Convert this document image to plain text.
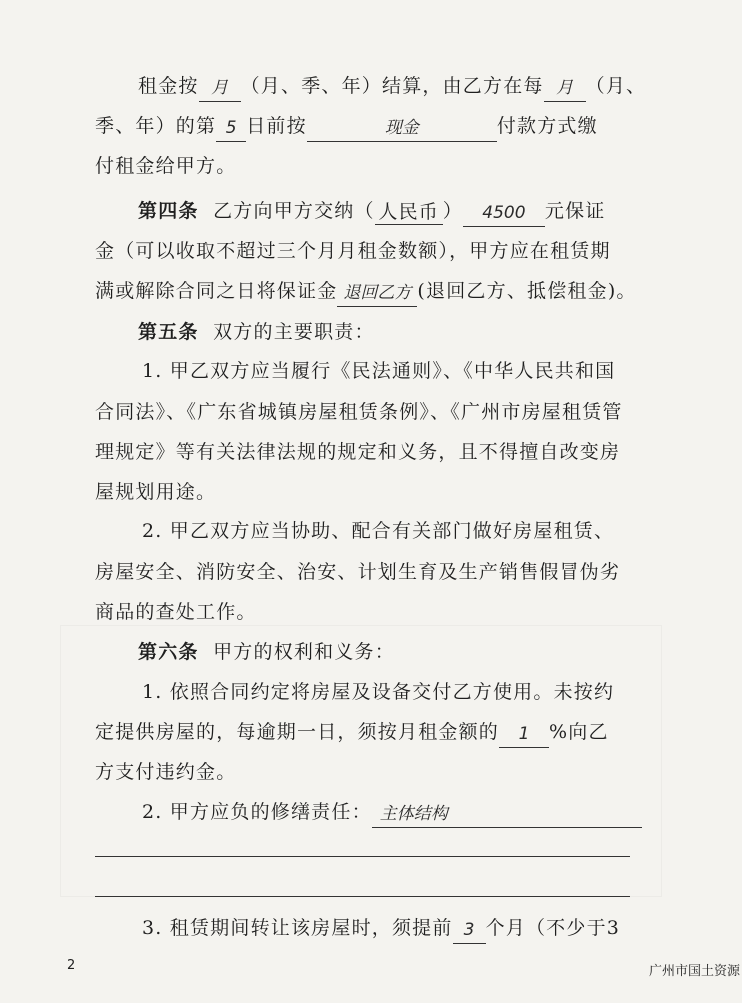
租金按 月 （月、季、年）结算，由乙方在每 月 （月、
季、年）的第 5 日前按	现金	付款方式缴
付租金给甲方。
第四条 乙方向甲方交纳（ 人民币 ） 4500 元保证
金（可以收取不超过三个月月租金数额），甲方应在租赁期
满或解除合同之日将保证金 退回乙方 (退回乙方、抵偿租金)。
第五条 双方的主要职责：
1. 甲乙双方应当履行《民法通则》、《中华人民共和国
合同法》、《广东省城镇房屋租赁条例》、《广州市房屋租赁管
理规定》等有关法律法规的规定和义务，且不得擅自改变房
屋规划用途。
2. 甲乙双方应当协助、配合有关部门做好房屋租赁、
房屋安全、消防安全、治安、计划生育及生产销售假冒伪劣
商品的查处工作。
第六条 甲方的权利和义务：
1. 依照合同约定将房屋及设备交付乙方使用。未按约
定提供房屋的，每逾期一日，须按月租金额的 1 %向乙
方支付违约金。
2. 甲方应负的修缮责任： 主体结构
3. 租赁期间转让该房屋时，须提前 3 个月（不少于3
2	广州市国土资源
